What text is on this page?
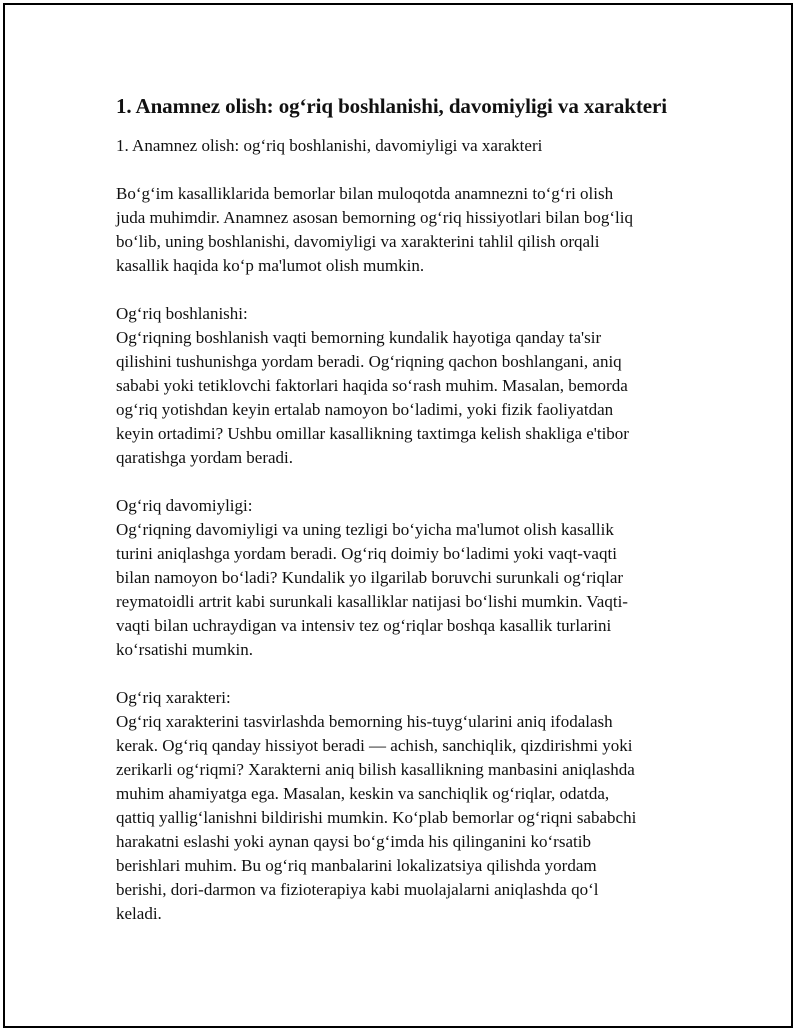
1. Anamnez olish: og‘riq boshlanishi, davomiyligi va xarakteri
1. Anamnez olish: og‘riq boshlanishi, davomiyligi va xarakteri
Bo‘g‘im kasalliklarida bemorlar bilan muloqotda anamnezni to‘g‘ri olish
juda muhimdir. Anamnez asosan bemorning og‘riq hissiyotlari bilan bog‘liq
bo‘lib, uning boshlanishi, davomiyligi va xarakterini tahlil qilish orqali
kasallik haqida ko‘p ma'lumot olish mumkin.
Og‘riq boshlanishi:
Og‘riqning boshlanish vaqti bemorning kundalik hayotiga qanday ta'sir
qilishini tushunishga yordam beradi. Og‘riqning qachon boshlangani, aniq
sababi yoki tetiklovchi faktorlari haqida so‘rash muhim. Masalan, bemorda
og‘riq yotishdan keyin ertalab namoyon bo‘ladimi, yoki fizik faoliyatdan
keyin ortadimi? Ushbu omillar kasallikning taxtimga kelish shakliga e'tibor
qaratishga yordam beradi.
Og‘riq davomiyligi:
Og‘riqning davomiyligi va uning tezligi bo‘yicha ma'lumot olish kasallik
turini aniqlashga yordam beradi. Og‘riq doimiy bo‘ladimi yoki vaqt-vaqti
bilan namoyon bo‘ladi? Kundalik yo ilgarilab boruvchi surunkali og‘riqlar
reymatoidli artrit kabi surunkali kasalliklar natijasi bo‘lishi mumkin. Vaqti-
vaqti bilan uchraydigan va intensiv tez og‘riqlar boshqa kasallik turlarini
ko‘rsatishi mumkin.
Og‘riq xarakteri:
Og‘riq xarakterini tasvirlashda bemorning his-tuyg‘ularini aniq ifodalash
kerak. Og‘riq qanday hissiyot beradi — achish, sanchiqlik, qizdirishmi yoki
zerikarli og‘riqmi? Xarakterni aniq bilish kasallikning manbasini aniqlashda
muhim ahamiyatga ega. Masalan, keskin va sanchiqlik og‘riqlar, odatda,
qattiq yallig‘lanishni bildirishi mumkin. Ko‘plab bemorlar og‘riqni sababchi
harakatni eslashi yoki aynan qaysi bo‘g‘imda his qilinganini ko‘rsatib
berishlari muhim. Bu og‘riq manbalarini lokalizatsiya qilishda yordam
berishi, dori-darmon va fizioterapiya kabi muolajalarni aniqlashda qo‘l
keladi.
